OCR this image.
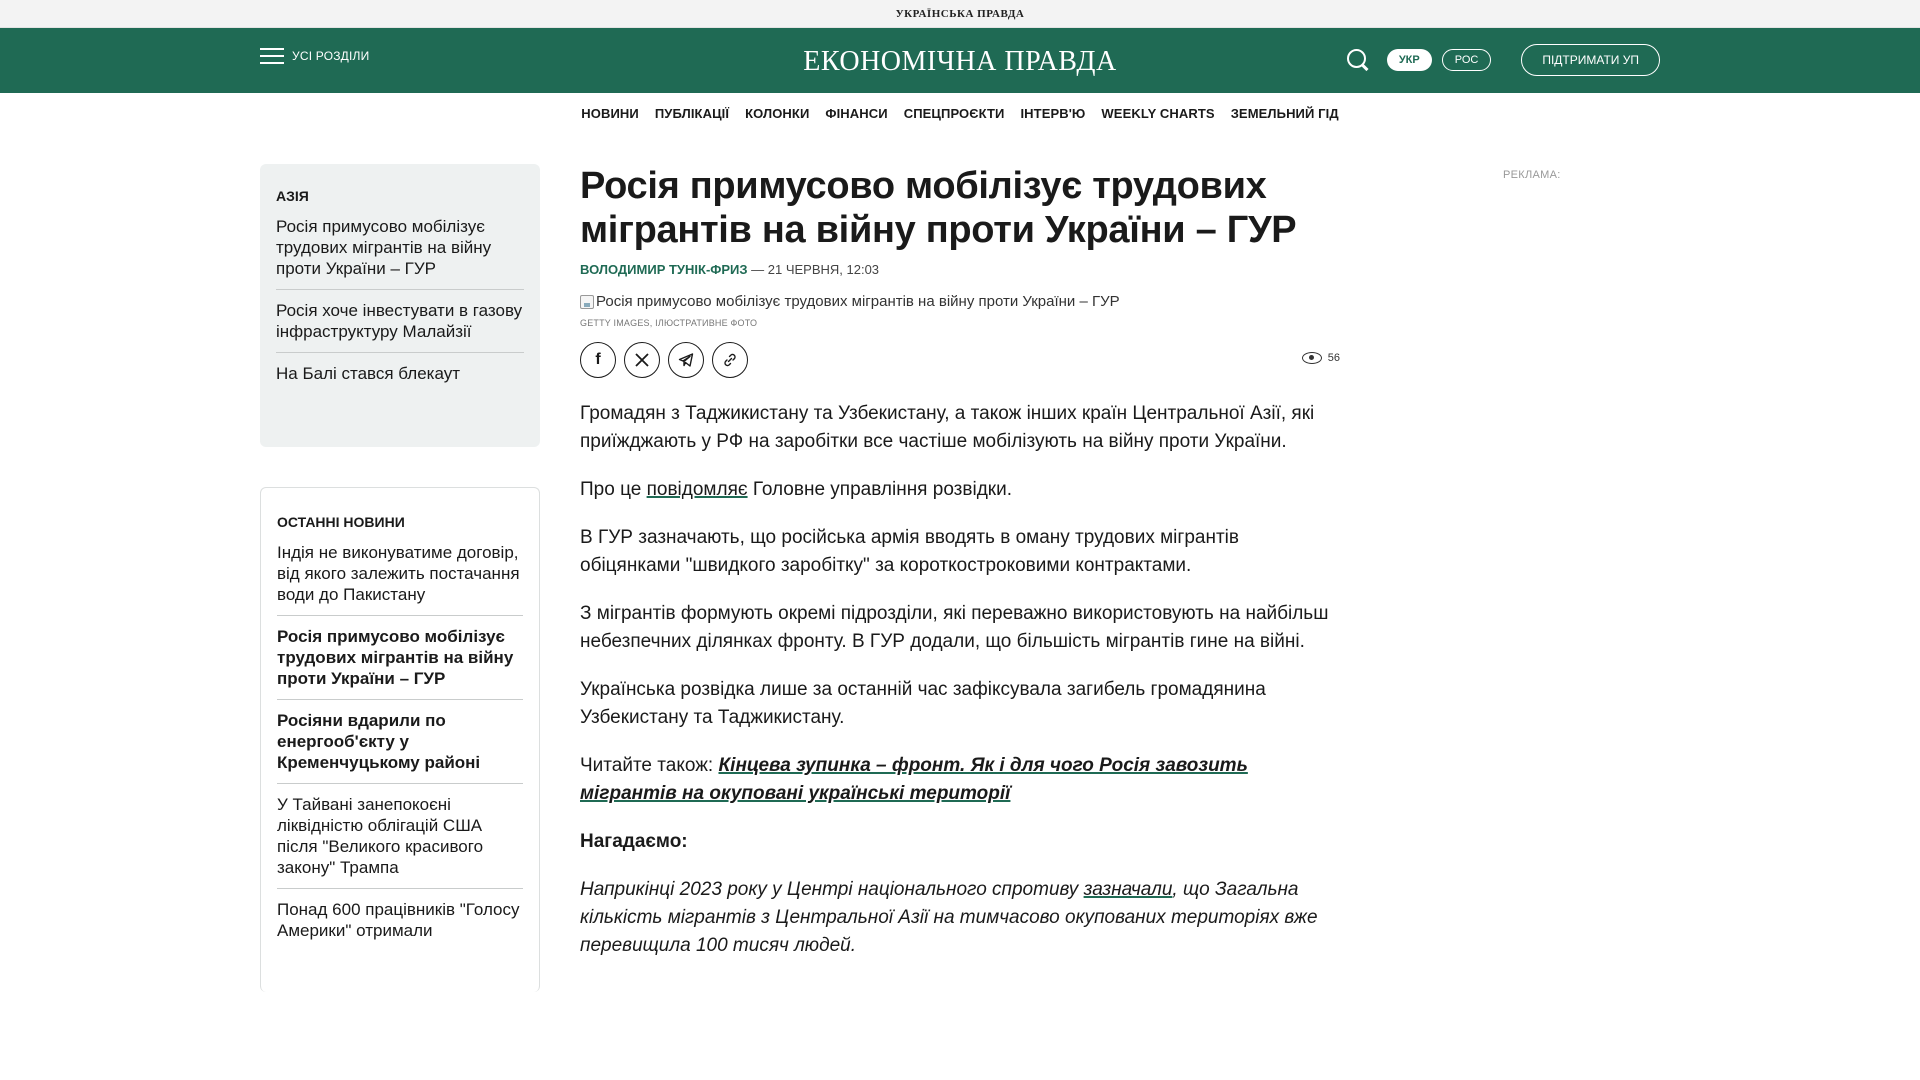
УКРАЇНСЬКА ПРАВДА
УСІ РОЗДІЛИ	ЕКОНОМІЧНА ПРАВДА	УКР	РОС	ПІДТРИМАТИ УП
НОВИНИ ПУБЛІКАЦІЇ КОЛОНКИ ФІНАНСИ СПЕЦПРОЄКТИ ІНТЕРВ'Ю WEEKLY CHARTS ЗЕМЕЛЬНИЙ ГІД
АЗІЯ
Росія примусово мобілізує трудових мігрантів на війну проти України – ГУР
Росія хоче інвестувати в газову інфраструктуру Малайзії
На Балі стався блекаут
ОСТАННІ НОВИНИ
Індія не виконуватиме договір, від якого залежить постачання води до Пакистану
Росія примусово мобілізує трудових мігрантів на війну проти України – ГУР
Росіяни вдарили по енергооб'єкту у Кременчуцькому районі
У Тайвані занепокоєні ліквідністю облігацій США після "Великого красивого закону" Трампа
Понад 600 працівників "Голосу Америки" отримали
Росія примусово мобілізує трудових мігрантів на війну проти України – ГУР
ВОЛОДИМИР ТУНІК-ФРИЗ — 21 ЧЕРВНЯ, 12:03
Росія примусово мобілізує трудових мігрантів на війну проти України – ГУР
GETTY IMAGES, ІЛЮСТРАТИВНЕ ФОТО
f	56

Громадян з Таджикистану та Узбекистану, а також інших країн Центральної Азії, які приїжджають у РФ на заробітки все частіше мобілізують на війну проти України.

Про це повідомляє Головне управління розвідки.

В ГУР зазначають, що російська армія вводять в оману трудових мігрантів обіцянками "швидкого заробітку" за короткостроковими контрактами.

З мігрантів формують окремі підрозділи, які переважно використовують на найбільш небезпечних ділянках фронту. В ГУР додали, що більшість мігрантів гине на війні.

Українська розвідка лише за останній час зафіксувала загибель громадянина Узбекистану та Таджикистану.

Читайте також: Кінцева зупинка – фронт. Як і для чого Росія завозить мігрантів на окуповані українські території

Нагадаємо:

Наприкінці 2023 року у Центрі національного спротиву зазначали, що Загальна кількість мігрантів з Центральної Азії на тимчасово окупованих територіях вже перевищила 100 тисяч людей.

РЕКЛАМА:
